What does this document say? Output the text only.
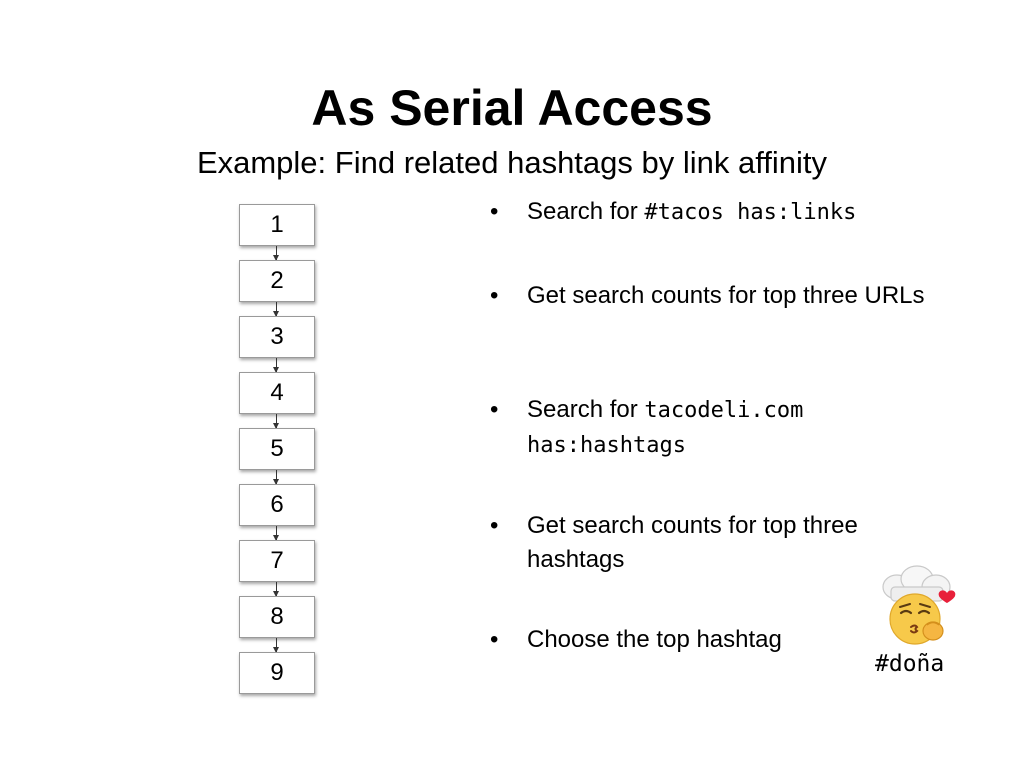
As Serial Access
Example: Find related hashtags by link affinity
1
2
3
4
5
6
7
8
9
•	Search for #tacos has:links
•	Get search counts for top three URLs
•	Search for tacodeli.com has:hashtags
•	Get search counts for top three hashtags
•	Choose the top hashtag
#doña
